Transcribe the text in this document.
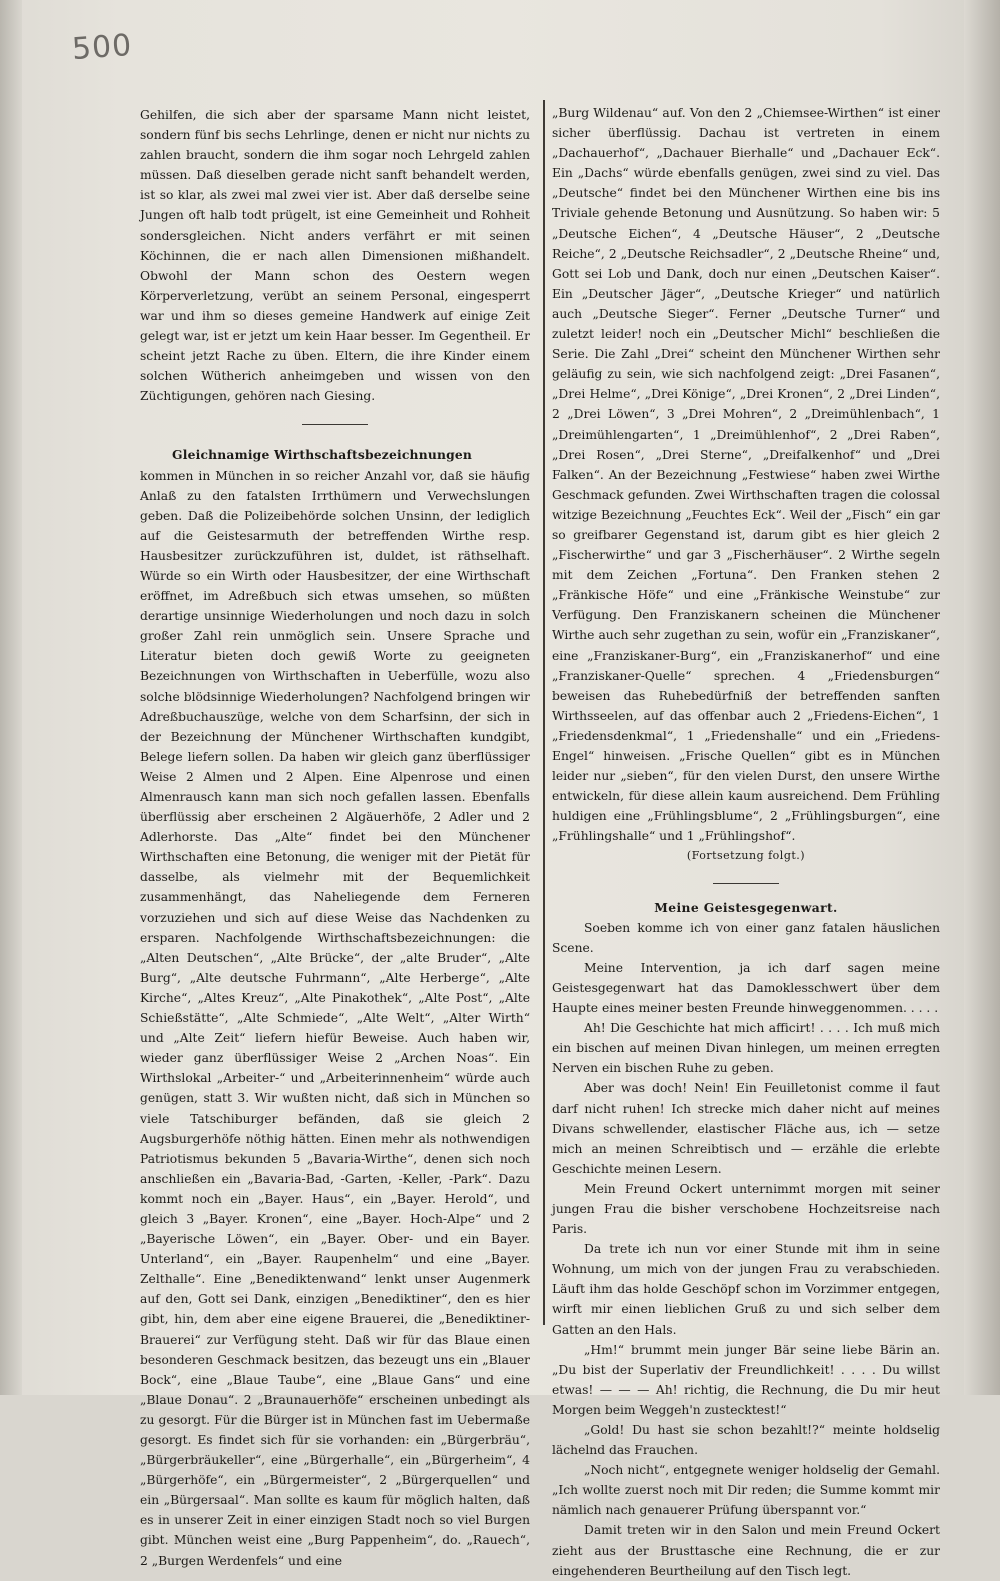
500

Gehilfen, die sich aber der sparsame Mann nicht leistet, sondern fünf bis sechs Lehrlinge, denen er nicht nur nichts zu zahlen braucht, sondern die ihm sogar noch Lehrgeld zahlen müssen. Daß dieselben gerade nicht sanft behandelt werden, ist so klar, als zwei mal zwei vier ist. Aber daß derselbe seine Jungen oft halb todt prügelt, ist eine Gemeinheit und Rohheit sondersgleichen. Nicht anders verfährt er mit seinen Köchinnen, die er nach allen Dimensionen mißhandelt. Obwohl der Mann schon des Oestern wegen Körperverletzung, verübt an seinem Personal, eingesperrt war und ihm so dieses gemeine Handwerk auf einige Zeit gelegt war, ist er jetzt um kein Haar besser. Im Gegentheil. Er scheint jetzt Rache zu üben. Eltern, die ihre Kinder einem solchen Wütherich anheimgeben und wissen von den Züchtigungen, gehören nach Giesing.

Gleichnamige Wirthschaftsbezeichnungen
kommen in München in so reicher Anzahl vor, daß sie häufig Anlaß zu den fatalsten Irrthümern und Verwechslungen geben. Daß die Polizeibehörde solchen Unsinn, der lediglich auf die Geistesarmuth der betreffenden Wirthe resp. Hausbesitzer zurückzuführen ist, duldet, ist räthselhaft. Würde so ein Wirth oder Hausbesitzer, der eine Wirthschaft eröffnet, im Adreßbuch sich etwas umsehen, so müßten derartige unsinnige Wiederholungen und noch dazu in solch großer Zahl rein unmöglich sein. Unsere Sprache und Literatur bieten doch gewiß Worte zu geeigneten Bezeichnungen von Wirthschaften in Ueberfülle, wozu also solche blödsinnige Wiederholungen? Nachfolgend bringen wir Adreßbuchauszüge, welche von dem Scharfsinn, der sich in der Bezeichnung der Münchener Wirthschaften kundgibt, Belege liefern sollen. Da haben wir gleich ganz überflüssiger Weise 2 Almen und 2 Alpen. Eine Alpenrose und einen Almenrausch kann man sich noch gefallen lassen. Ebenfalls überflüssig aber erscheinen 2 Algäuerhöfe, 2 Adler und 2 Adlerhorste. Das „Alte“ findet bei den Münchener Wirthschaften eine Betonung, die weniger mit der Pietät für dasselbe, als vielmehr mit der Bequemlichkeit zusammenhängt, das Naheliegende dem Ferneren vorzuziehen und sich auf diese Weise das Nachdenken zu ersparen. Nachfolgende Wirthschaftsbezeichnungen: die „Alten Deutschen“, „Alte Brücke“, der „alte Bruder“, „Alte Burg“, „Alte deutsche Fuhrmann“, „Alte Herberge“, „Alte Kirche“, „Altes Kreuz“, „Alte Pinakothek“, „Alte Post“, „Alte Schießstätte“, „Alte Schmiede“, „Alte Welt“, „Alter Wirth“ und „Alte Zeit“ liefern hiefür Beweise. Auch haben wir, wieder ganz überflüssiger Weise 2 „Archen Noas“. Ein Wirthslokal „Arbeiter-“ und „Arbeiterinnenheim“ würde auch genügen, statt 3. Wir wußten nicht, daß sich in München so viele Tatschiburger befänden, daß sie gleich 2 Augsburgerhöfe nöthig hätten. Einen mehr als nothwendigen Patriotismus bekunden 5 „Bavaria-Wirthe“, denen sich noch anschließen ein „Bavaria-Bad, -Garten, -Keller, -Park“. Dazu kommt noch ein „Bayer. Haus“, ein „Bayer. Herold“, und gleich 3 „Bayer. Kronen“, eine „Bayer. Hoch-Alpe“ und 2 „Bayerische Löwen“, ein „Bayer. Ober- und ein Bayer. Unterland“, ein „Bayer. Raupenhelm“ und eine „Bayer. Zelthalle“. Eine „Benediktenwand“ lenkt unser Augenmerk auf den, Gott sei Dank, einzigen „Benediktiner“, den es hier gibt, hin, dem aber eine eigene Brauerei, die „Benediktiner-Brauerei“ zur Verfügung steht. Daß wir für das Blaue einen besonderen Geschmack besitzen, das bezeugt uns ein „Blauer Bock“, eine „Blaue Taube“, eine „Blaue Gans“ und eine „Blaue Donau“. 2 „Braunauerhöfe“ erscheinen unbedingt als zu gesorgt. Für die Bürger ist in München fast im Uebermaße gesorgt. Es findet sich für sie vorhanden: ein „Bürgerbräu“, „Bürgerbräukeller“, eine „Bürgerhalle“, ein „Bürgerheim“, 4 „Bürgerhöfe“, ein „Bürgermeister“, 2 „Bürgerquellen“ und ein „Bürgersaal“. Man sollte es kaum für möglich halten, daß es in unserer Zeit in einer einzigen Stadt noch so viel Burgen gibt. München weist eine „Burg Pappenheim“, do. „Rauech“, 2 „Burgen Werdenfels“ und eine

„Burg Wildenau“ auf. Von den 2 „Chiemsee-Wirthen“ ist einer sicher überflüssig. Dachau ist vertreten in einem „Dachauerhof“, „Dachauer Bierhalle“ und „Dachauer Eck“. Ein „Dachs“ würde ebenfalls genügen, zwei sind zu viel. Das „Deutsche“ findet bei den Münchener Wirthen eine bis ins Triviale gehende Betonung und Ausnützung. So haben wir: 5 „Deutsche Eichen“, 4 „Deutsche Häuser“, 2 „Deutsche Reiche“, 2 „Deutsche Reichsadler“, 2 „Deutsche Rheine“ und, Gott sei Lob und Dank, doch nur einen „Deutschen Kaiser“. Ein „Deutscher Jäger“, „Deutsche Krieger“ und natürlich auch „Deutsche Sieger“. Ferner „Deutsche Turner“ und zuletzt leider! noch ein „Deutscher Michl“ beschließen die Serie. Die Zahl „Drei“ scheint den Münchener Wirthen sehr geläufig zu sein, wie sich nachfolgend zeigt: „Drei Fasanen“, „Drei Helme“, „Drei Könige“, „Drei Kronen“, 2 „Drei Linden“, 2 „Drei Löwen“, 3 „Drei Mohren“, 2 „Dreimühlenbach“, 1 „Dreimühlengarten“, 1 „Dreimühlenhof“, 2 „Drei Raben“, „Drei Rosen“, „Drei Sterne“, „Dreifalkenhof“ und „Drei Falken“. An der Bezeichnung „Festwiese“ haben zwei Wirthe Geschmack gefunden. Zwei Wirthschaften tragen die colossal witzige Bezeichnung „Feuchtes Eck“. Weil der „Fisch“ ein gar so greifbarer Gegenstand ist, darum gibt es hier gleich 2 „Fischerwirthe“ und gar 3 „Fischerhäuser“. 2 Wirthe segeln mit dem Zeichen „Fortuna“. Den Franken stehen 2 „Fränkische Höfe“ und eine „Fränkische Weinstube“ zur Verfügung. Den Franziskanern scheinen die Münchener Wirthe auch sehr zugethan zu sein, wofür ein „Franziskaner“, eine „Franziskaner-Burg“, ein „Franziskanerhof“ und eine „Franziskaner-Quelle“ sprechen. 4 „Friedensburgen“ beweisen das Ruhebedürfniß der betreffenden sanften Wirthsseelen, auf das offenbar auch 2 „Friedens-Eichen“, 1 „Friedensdenkmal“, 1 „Friedenshalle“ und ein „Friedens-Engel“ hinweisen. „Frische Quellen“ gibt es in München leider nur „sieben“, für den vielen Durst, den unsere Wirthe entwickeln, für diese allein kaum ausreichend. Dem Frühling huldigen eine „Frühlingsblume“, 2 „Frühlingsburgen“, eine „Frühlingshalle“ und 1 „Frühlingshof“.

(Fortsetzung folgt.)

Meine Geistesgegenwart.

Soeben komme ich von einer ganz fatalen häuslichen Scene.

Meine Intervention, ja ich darf sagen meine Geistesgegenwart hat das Damoklesschwert über dem Haupte eines meiner besten Freunde hinweggenommen. . . . .

Ah! Die Geschichte hat mich afficirt! . . . . Ich muß mich ein bischen auf meinen Divan hinlegen, um meinen erregten Nerven ein bischen Ruhe zu geben.

Aber was doch! Nein! Ein Feuilletonist comme il faut darf nicht ruhen! Ich strecke mich daher nicht auf meines Divans schwellender, elastischer Fläche aus, ich — setze mich an meinen Schreibtisch und — erzähle die erlebte Geschichte meinen Lesern.

Mein Freund Ockert unternimmt morgen mit seiner jungen Frau die bisher verschobene Hochzeitsreise nach Paris.

Da trete ich nun vor einer Stunde mit ihm in seine Wohnung, um mich von der jungen Frau zu verabschieden. Läuft ihm das holde Geschöpf schon im Vorzimmer entgegen, wirft mir einen lieblichen Gruß zu und sich selber dem Gatten an den Hals.

„Hm!“ brummt mein junger Bär seine liebe Bärin an. „Du bist der Superlativ der Freundlichkeit! . . . . Du willst etwas! — — — Ah! richtig, die Rechnung, die Du mir heut Morgen beim Weggeh'n zustecktest!“

„Gold! Du hast sie schon bezahlt!?“ meinte holdselig lächelnd das Frauchen.

„Noch nicht“, entgegnete weniger holdselig der Gemahl. „Ich wollte zuerst noch mit Dir reden; die Summe kommt mir nämlich nach genauerer Prüfung überspannt vor.“

Damit treten wir in den Salon und mein Freund Ockert zieht aus der Brusttasche eine Rechnung, die er zur eingehenderen Beurtheilung auf den Tisch legt.
